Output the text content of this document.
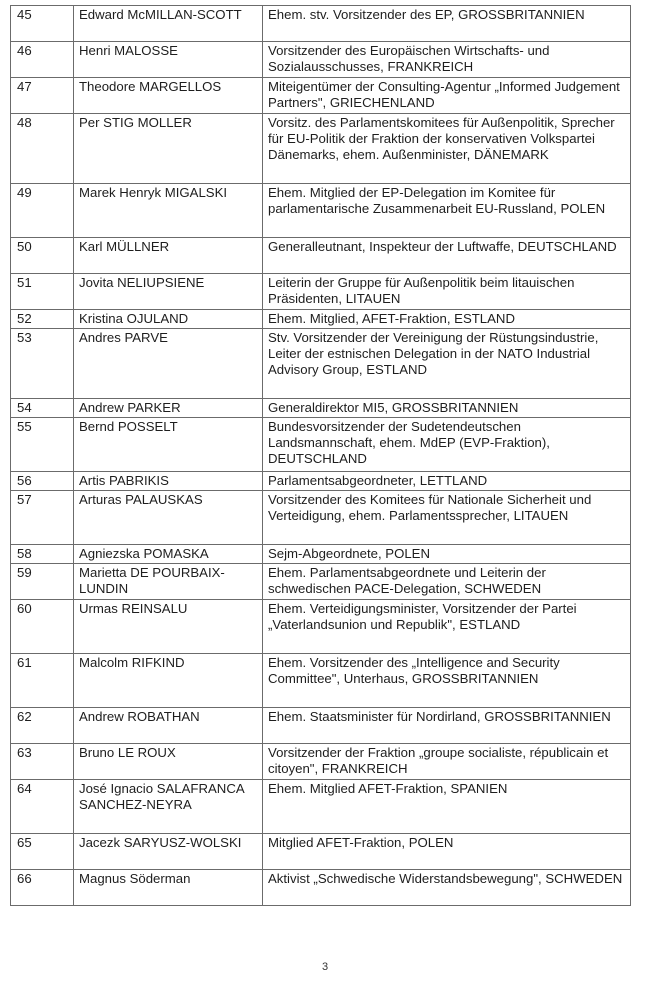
45	Edward McMILLAN-SCOTT	Ehem. stv. Vorsitzender des EP, GROSSBRITANNIEN
46	Henri MALOSSE	Vorsitzender des Europäischen Wirtschafts- und Sozialausschusses, FRANKREICH
47	Theodore MARGELLOS	Miteigentümer der Consulting-Agentur „Informed Judgement Partners", GRIECHENLAND
48	Per STIG MOLLER	Vorsitz. des Parlamentskomitees für Außenpolitik, Sprecher für EU-Politik der Fraktion der konservativen Volkspartei Dänemarks, ehem. Außenminister, DÄNEMARK
49	Marek Henryk MIGALSKI	Ehem. Mitglied der EP-Delegation im Komitee für parlamentarische Zusammenarbeit EU-Russland, POLEN
50	Karl MÜLLNER	Generalleutnant, Inspekteur der Luftwaffe, DEUTSCHLAND
51	Jovita NELIUPSIENE	Leiterin der Gruppe für Außenpolitik beim litauischen Präsidenten, LITAUEN
52	Kristina OJULAND	Ehem. Mitglied, AFET-Fraktion, ESTLAND
53	Andres PARVE	Stv. Vorsitzender der Vereinigung der Rüstungsindustrie, Leiter der estnischen Delegation in der NATO Industrial Advisory Group, ESTLAND
54	Andrew PARKER	Generaldirektor MI5, GROSSBRITANNIEN
55	Bernd POSSELT	Bundesvorsitzender der Sudetendeutschen Landsmannschaft, ehem. MdEP (EVP-Fraktion), DEUTSCHLAND
56	Artis PABRIKIS	Parlamentsabgeordneter, LETTLAND
57	Arturas PALAUSKAS	Vorsitzender des Komitees für Nationale Sicherheit und Verteidigung, ehem. Parlamentssprecher, LITAUEN
58	Agniezska POMASKA	Sejm-Abgeordnete, POLEN
59	Marietta DE POURBAIX-LUNDIN	Ehem. Parlamentsabgeordnete und Leiterin der schwedischen PACE-Delegation, SCHWEDEN
60	Urmas REINSALU	Ehem. Verteidigungsminister, Vorsitzender der Partei „Vaterlandsunion und Republik", ESTLAND
61	Malcolm RIFKIND	Ehem. Vorsitzender des „Intelligence and Security Committee", Unterhaus, GROSSBRITANNIEN
62	Andrew ROBATHAN	Ehem. Staatsminister für Nordirland, GROSSBRITANNIEN
63	Bruno LE ROUX	Vorsitzender der Fraktion „groupe socialiste, républicain et citoyen", FRANKREICH
64	José Ignacio SALAFRANCA SANCHEZ-NEYRA	Ehem. Mitglied AFET-Fraktion, SPANIEN
65	Jacezk SARYUSZ-WOLSKI	Mitglied AFET-Fraktion, POLEN
66	Magnus Söderman	Aktivist „Schwedische Widerstandsbewegung", SCHWEDEN
3
